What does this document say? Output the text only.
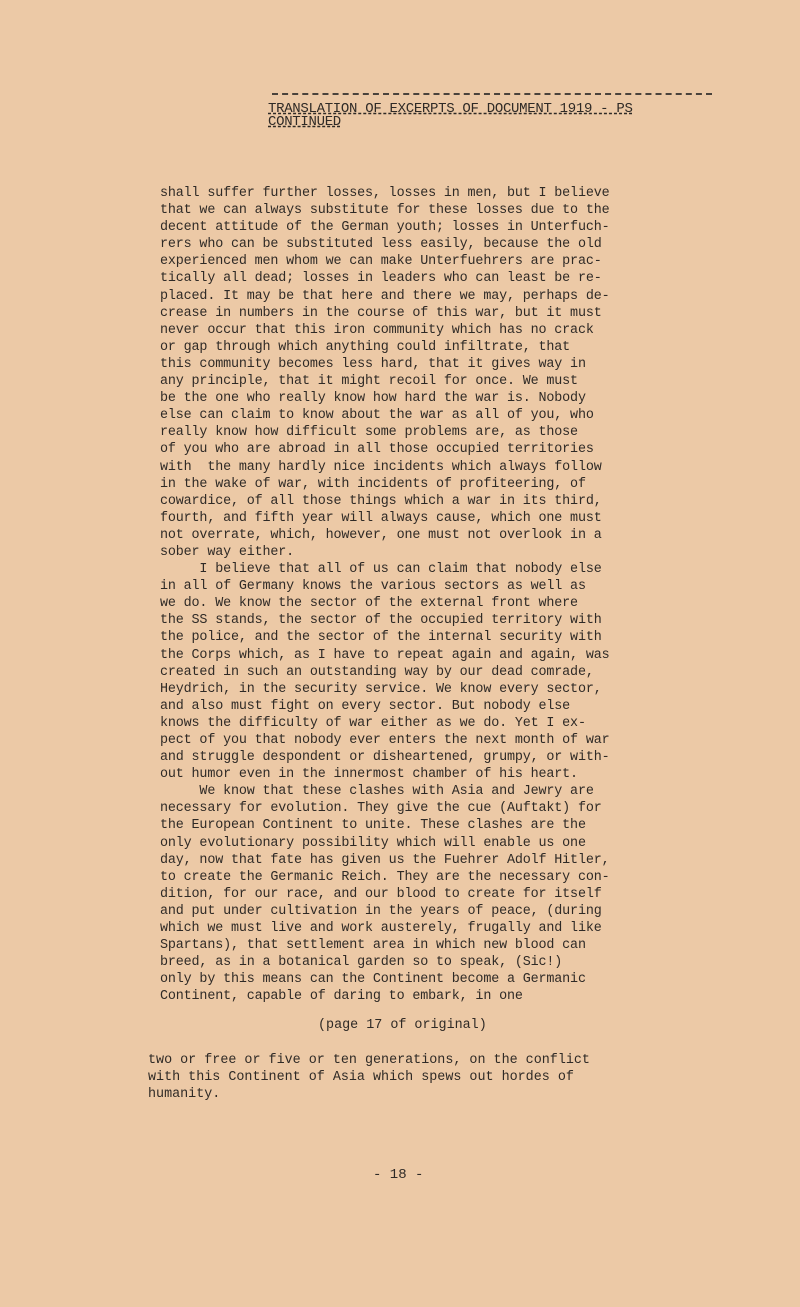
TRANSLATION OF EXCERPTS OF DOCUMENT 1919 - PS
CONTINUED

shall suffer further losses, losses in men, but I believe

that we can always substitute for these losses due to the

decent attitude of the German youth; losses in Unterfuch-

rers who can be substituted less easily, because the old

experienced men whom we can make Unterfuehrers are prac-

tically all dead; losses in leaders who can least be re-

placed. It may be that here and there we may, perhaps de-

crease in numbers in the course of this war, but it must

never occur that this iron community which has no crack

or gap through which anything could infiltrate, that

this community becomes less hard, that it gives way in

any principle, that it might recoil for once. We must

be the one who really know how hard the war is. Nobody

else can claim to know about the war as all of you, who

really know how difficult some problems are, as those

of you who are abroad in all those occupied territories

with  the many hardly nice incidents which always follow

in the wake of war, with incidents of profiteering, of

cowardice, of all those things which a war in its third,

fourth, and fifth year will always cause, which one must

not overrate, which, however, one must not overlook in a

sober way either.

I believe that all of us can claim that nobody else

in all of Germany knows the various sectors as well as

we do. We know the sector of the external front where

the SS stands, the sector of the occupied territory with

the police, and the sector of the internal security with

the Corps which, as I have to repeat again and again, was

created in such an outstanding way by our dead comrade,

Heydrich, in the security service. We know every sector,

and also must fight on every sector. But nobody else

knows the difficulty of war either as we do. Yet I ex-

pect of you that nobody ever enters the next month of war

and struggle despondent or disheartened, grumpy, or with-

out humor even in the innermost chamber of his heart.

We know that these clashes with Asia and Jewry are

necessary for evolution. They give the cue (Auftakt) for

the European Continent to unite. These clashes are the

only evolutionary possibility which will enable us one

day, now that fate has given us the Fuehrer Adolf Hitler,

to create the Germanic Reich. They are the necessary con-

dition, for our race, and our blood to create for itself

and put under cultivation in the years of peace, (during

which we must live and work austerely, frugally and like

Spartans), that settlement area in which new blood can

breed, as in a botanical garden so to speak, (Sic!)

only by this means can the Continent become a Germanic

Continent, capable of daring to embark, in one

(page 17 of original)

two or free or five or ten generations, on the conflict

with this Continent of Asia which spews out hordes of

humanity.

- 18 -
